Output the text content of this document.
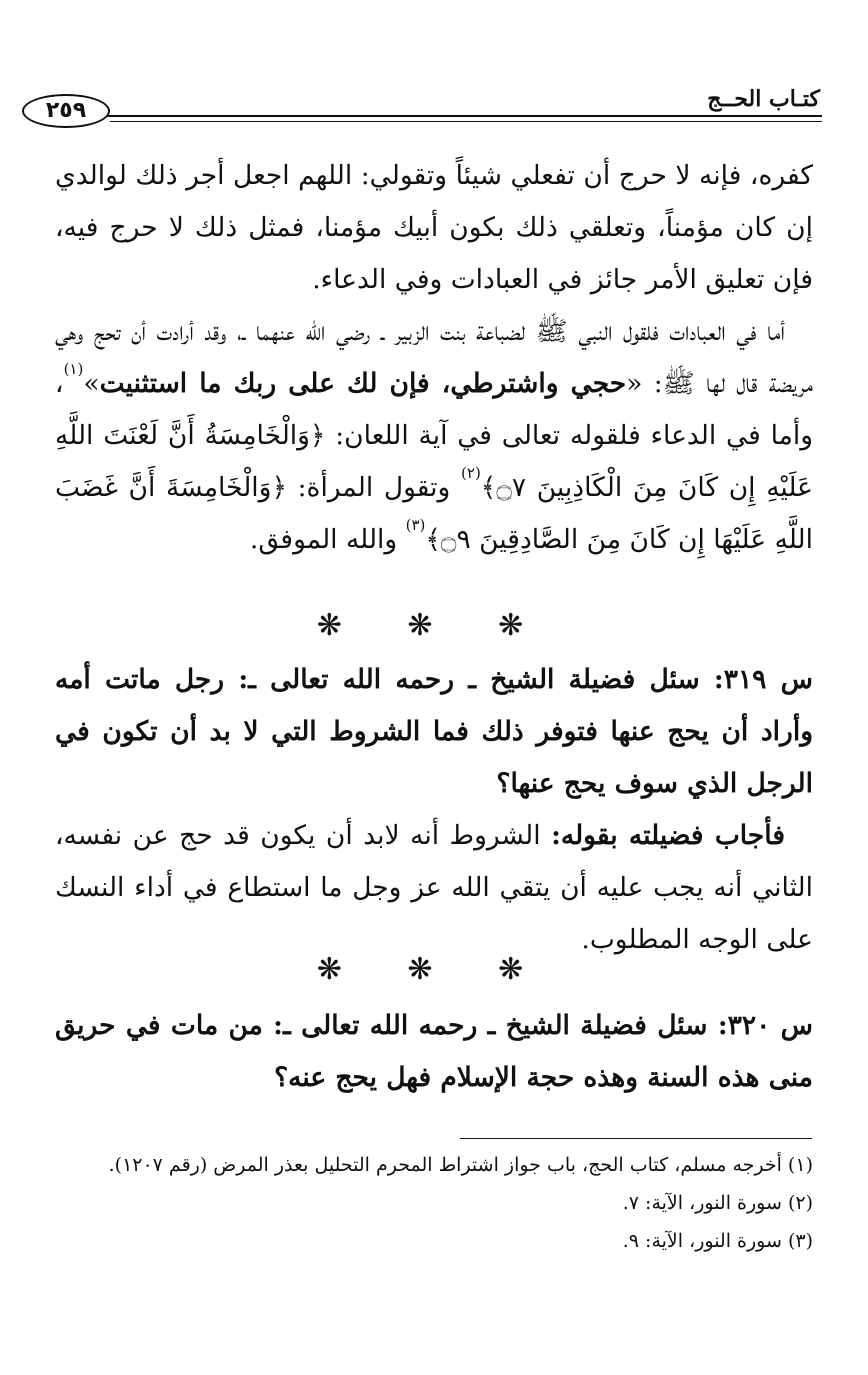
٢٥٩	كتـاب الحــج

كفره، فإنه لا حرج أن تفعلي شيئاً وتقولي: اللهم اجعل أجر ذلك لوالدي إن كان مؤمناً، وتعلقي ذلك بكون أبيك مؤمنا، فمثل ذلك لا حرج فيه، فإن تعليق الأمر جائز في العبادات وفي الدعاء.

أما في العبادات فلقول النبي ﷺ لضباعة بنت الزبير ـ رضي الله عنهما ـ، وقد أرادت أن تحج وهي مريضة قال لها ﷺ: «حجي واشترطي، فإن لك على ربك ما استثنيت»$^{(١)}$، وأما في الدعاء فلقوله تعالى في آية اللعان: ﴿وَالْخَامِسَةُ أَنَّ لَعْنَتَ اللَّهِ عَلَيْهِ إِن كَانَ مِنَ الْكَاذِبِينَ ۝٧﴾$^{(٢)}$ وتقول المرأة: ﴿وَالْخَامِسَةَ أَنَّ غَضَبَ اللَّهِ عَلَيْهَا إِن كَانَ مِنَ الصَّادِقِينَ ۝٩﴾$^{(٣)}$ والله الموفق.

❋ ❋ ❋

س ٣١٩: سئل فضيلة الشيخ ـ رحمه الله تعالى ـ: رجل ماتت أمه وأراد أن يحج عنها فتوفر ذلك فما الشروط التي لا بد أن تكون في الرجل الذي سوف يحج عنها؟

فأجاب فضيلته بقوله: الشروط أنه لابد أن يكون قد حج عن نفسه، الثاني أنه يجب عليه أن يتقي الله عز وجل ما استطاع في أداء النسك على الوجه المطلوب.

❋ ❋ ❋

س ٣٢٠: سئل فضيلة الشيخ ـ رحمه الله تعالى ـ: من مات في حريق منى هذه السنة وهذه حجة الإسلام فهل يحج عنه؟

(١) أخرجه مسلم، كتاب الحج، باب جواز اشتراط المحرم التحليل بعذر المرض (رقم ١٢٠٧).

(٢) سورة النور، الآية: ٧.

(٣) سورة النور، الآية: ٩.
